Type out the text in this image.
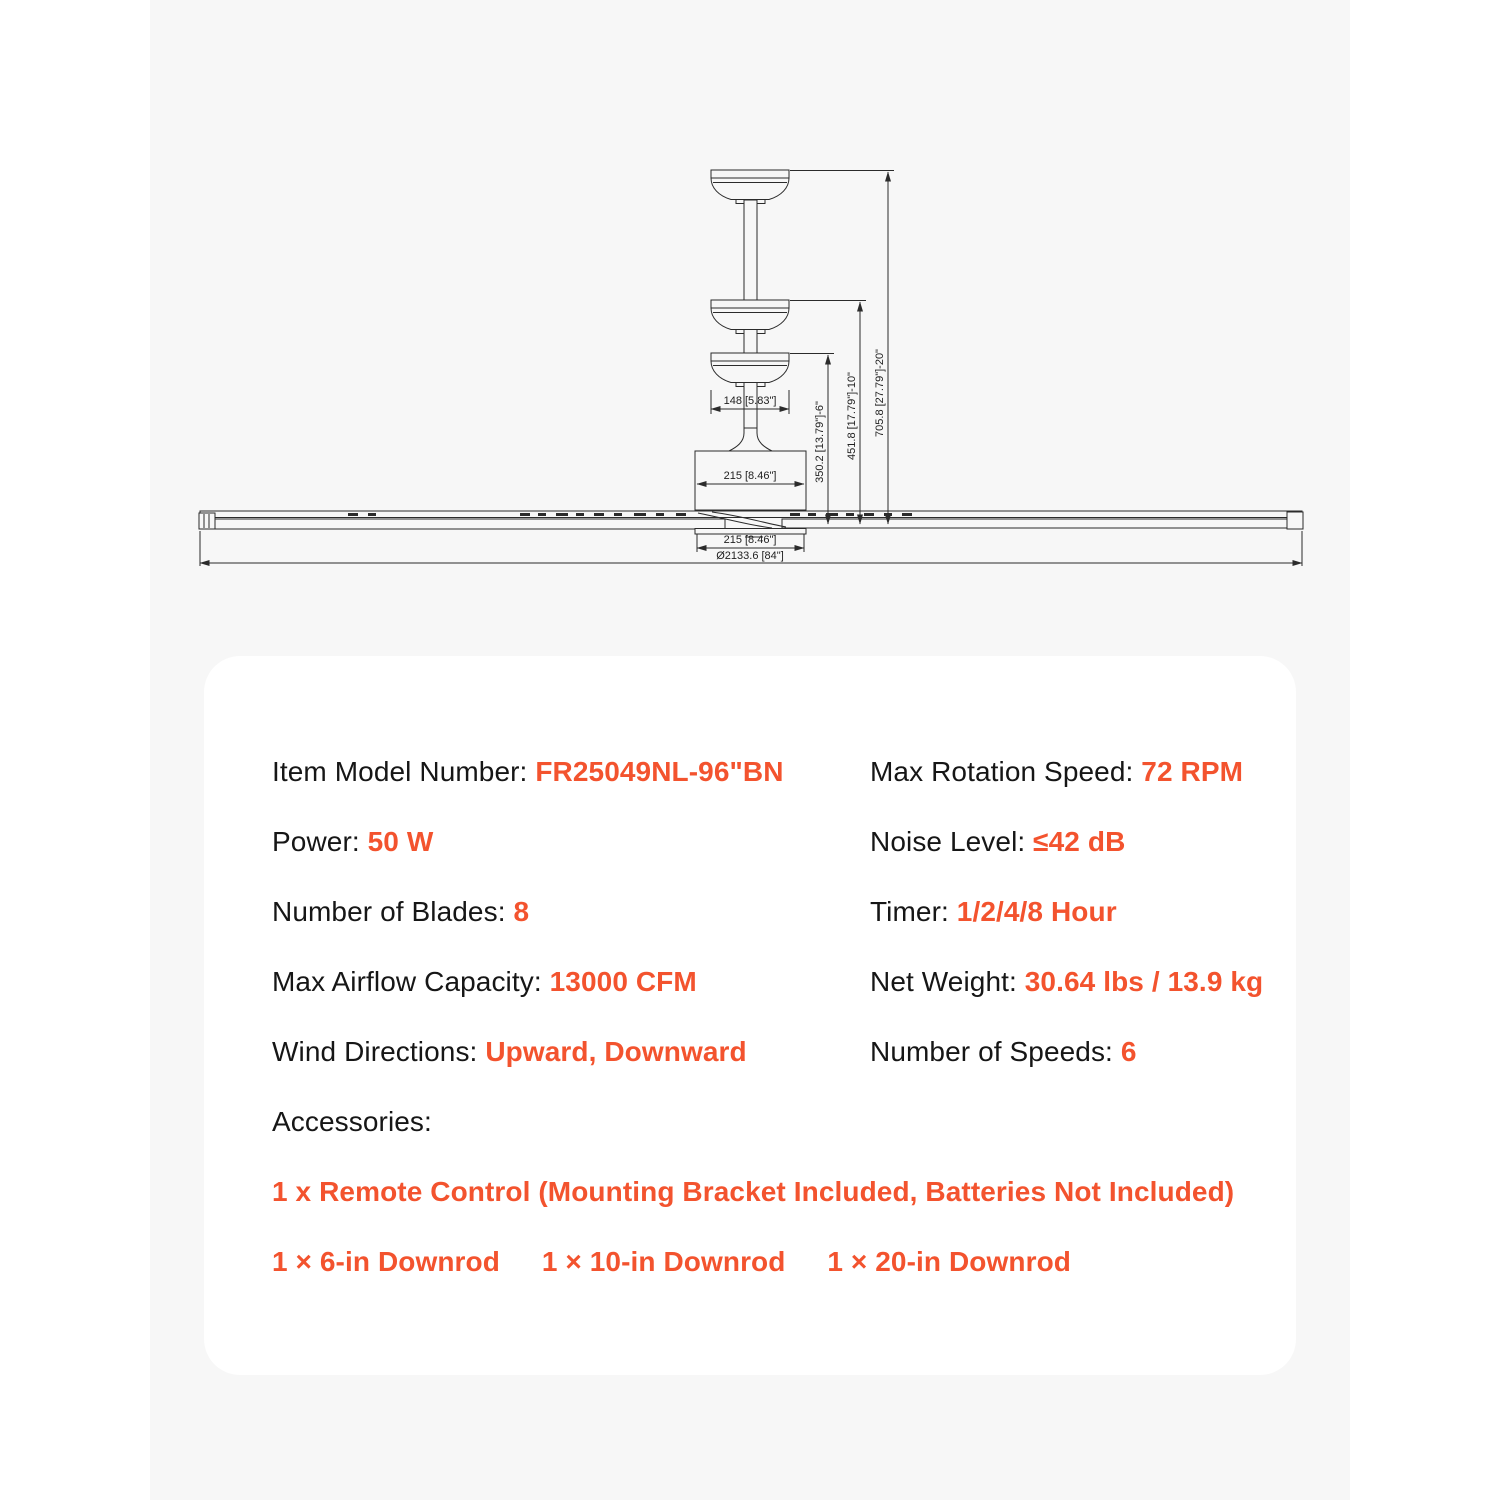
148 [5.83"]
215 [8.46"]
705.8 [27.79"]-20"
451.8 [17.79"]-10"
350.2 [13.79"]-6"
215 [8.46"]
Ø2133.6 [84"]
Item Model Number: FR25049NL-96"BN	Max Rotation Speed: 72 RPM
Power: 50 W	Noise Level: ≤42 dB
Number of Blades: 8	Timer: 1/2/4/8 Hour
Max Airflow Capacity: 13000 CFM	Net Weight: 30.64 lbs / 13.9 kg
Wind Directions: Upward, Downward	Number of Speeds: 6
Accessories:
1 x Remote Control (Mounting Bracket Included, Batteries Not Included)
1 × 6-in Downrod 1 × 10-in Downrod 1 × 20-in Downrod
